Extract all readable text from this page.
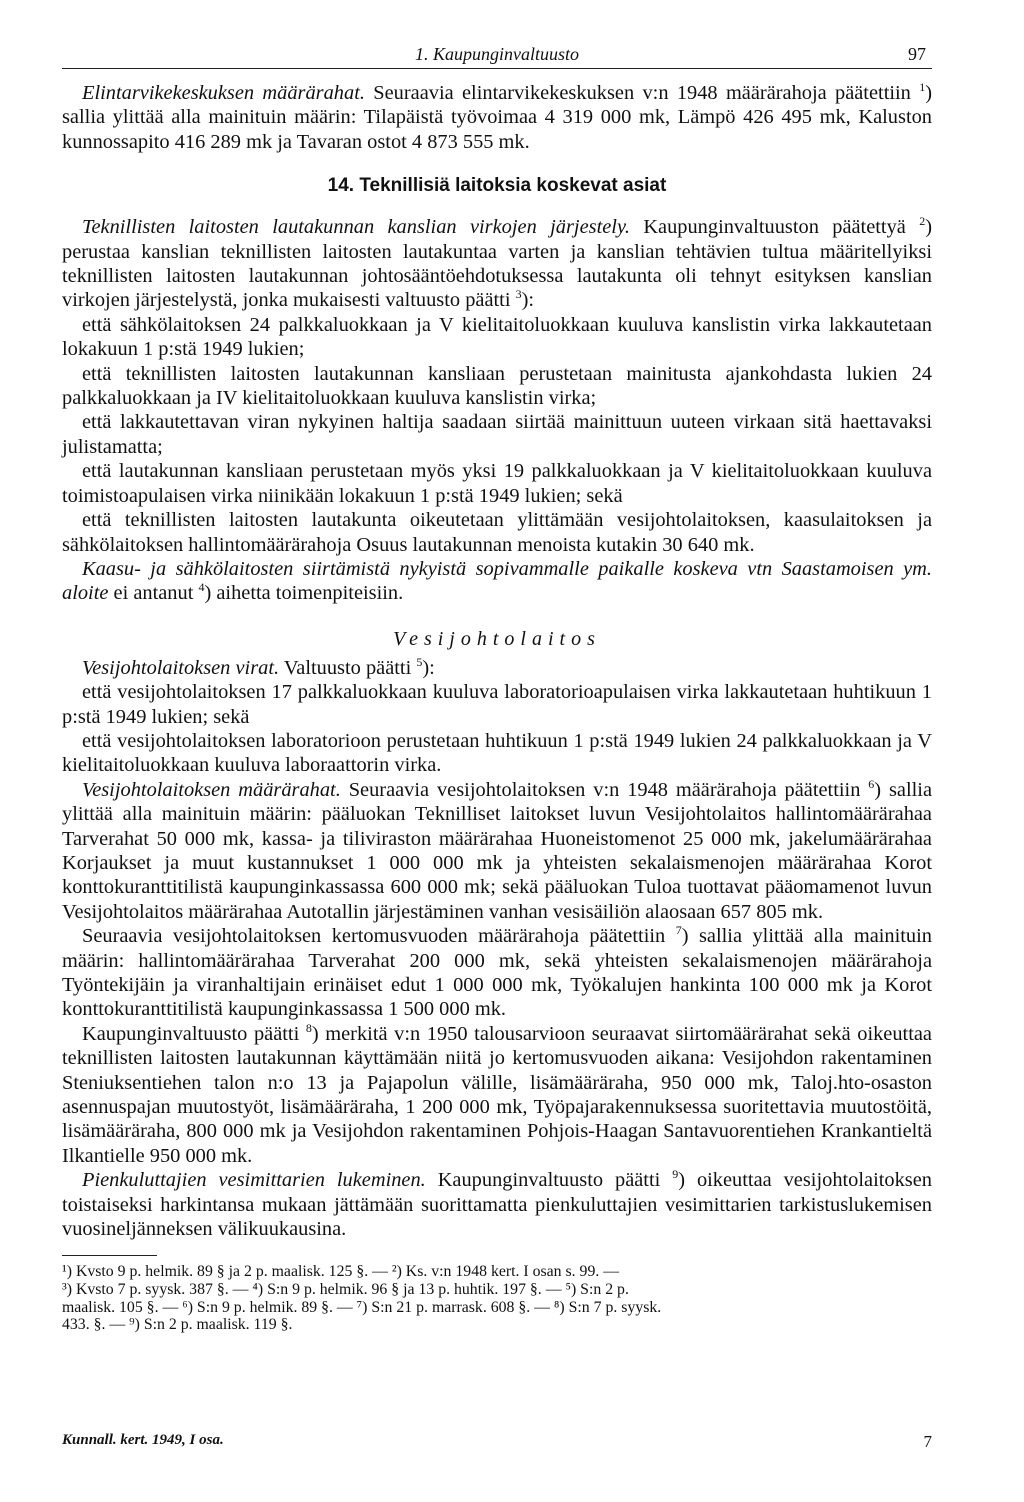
1. Kaupunginvaltuusto	97

Elintarvikekeskuksen määrärahat. Seuraavia elintarvikekeskuksen v:n 1948 määrärahoja päätettiin $^1$) sallia ylittää alla mainituin määrin: Tilapäistä työvoimaa 4 319 000 mk, Lämpö 426 495 mk, Kaluston kunnossapito 416 289 mk ja Tavaran ostot 4 873 555 mk.

14. Teknillisiä laitoksia koskevat asiat

Teknillisten laitosten lautakunnan kanslian virkojen järjestely. Kaupunginvaltuuston päätettyä $^2$) perustaa kanslian teknillisten laitosten lautakuntaa varten ja kanslian tehtävien tultua määritellyiksi teknillisten laitosten lautakunnan johtosääntöehdotuksessa lautakunta oli tehnyt esityksen kanslian virkojen järjestelystä, jonka mukaisesti valtuusto päätti $^3$):

että sähkölaitoksen 24 palkkaluokkaan ja V kielitaitoluokkaan kuuluva kanslistin virka lakkautetaan lokakuun 1 p:stä 1949 lukien;

että teknillisten laitosten lautakunnan kansliaan perustetaan mainitusta ajankohdasta lukien 24 palkkaluokkaan ja IV kielitaitoluokkaan kuuluva kanslistin virka;

että lakkautettavan viran nykyinen haltija saadaan siirtää mainittuun uuteen virkaan sitä haettavaksi julistamatta;

että lautakunnan kansliaan perustetaan myös yksi 19 palkkaluokkaan ja V kielitaitoluokkaan kuuluva toimistoapulaisen virka niinikään lokakuun 1 p:stä 1949 lukien; sekä

että teknillisten laitosten lautakunta oikeutetaan ylittämään vesijohtolaitoksen, kaasulaitoksen ja sähkölaitoksen hallintomäärärahoja Osuus lautakunnan menoista kutakin 30 640 mk.

Kaasu- ja sähkölaitosten siirtämistä nykyistä sopivammalle paikalle koskeva vtn Saastamoisen ym. aloite ei antanut $^4$) aihetta toimenpiteisiin.

Vesijohtolaitos

Vesijohtolaitoksen virat. Valtuusto päätti $^5$):

että vesijohtolaitoksen 17 palkkaluokkaan kuuluva laboratorioapulaisen virka lakkautetaan huhtikuun 1 p:stä 1949 lukien; sekä

että vesijohtolaitoksen laboratorioon perustetaan huhtikuun 1 p:stä 1949 lukien 24 palkkaluokkaan ja V kielitaitoluokkaan kuuluva laboraattorin virka.

Vesijohtolaitoksen määrärahat. Seuraavia vesijohtolaitoksen v:n 1948 määrärahoja päätettiin $^6$) sallia ylittää alla mainituin määrin: pääluokan Teknilliset laitokset luvun Vesijohtolaitos hallintomäärärahaa Tarverahat 50 000 mk, kassa- ja tiliviraston määrärahaa Huoneistomenot 25 000 mk, jakelumäärärahaa Korjaukset ja muut kustannukset 1 000 000 mk ja yhteisten sekalaismenojen määrärahaa Korot konttokuranttitilistä kaupunginkassassa 600 000 mk; sekä pääluokan Tuloa tuottavat pääomamenot luvun Vesijohtolaitos määrärahaa Autotallin järjestäminen vanhan vesisäiliön alaosaan 657 805 mk.

Seuraavia vesijohtolaitoksen kertomusvuoden määrärahoja päätettiin $^7$) sallia ylittää alla mainituin määrin: hallintomäärärahaa Tarverahat 200 000 mk, sekä yhteisten sekalaismenojen määrärahoja Työntekijäin ja viranhaltijain erinäiset edut 1 000 000 mk, Työkalujen hankinta 100 000 mk ja Korot konttokuranttitilistä kaupunginkassassa 1 500 000 mk.

Kaupunginvaltuusto päätti $^8$) merkitä v:n 1950 talousarvioon seuraavat siirtomäärärahat sekä oikeuttaa teknillisten laitosten lautakunnan käyttämään niitä jo kertomusvuoden aikana: Vesijohdon rakentaminen Steniuksentiehen talon n:o 13 ja Pajapolun välille, lisämääräraha, 950 000 mk, Taloj.hto-osaston asennuspajan muutostyöt, lisämääräraha, 1 200 000 mk, Työpajarakennuksessa suoritettavia muutostöitä, lisämääräraha, 800 000 mk ja Vesijohdon rakentaminen Pohjois-Haagan Santavuorentiehen Krankantieltä Ilkantielle 950 000 mk.

Pienkuluttajien vesimittarien lukeminen. Kaupunginvaltuusto päätti $^9$) oikeuttaa vesijohtolaitoksen toistaiseksi harkintansa mukaan jättämään suorittamatta pienkuluttajien vesimittarien tarkistuslukemisen vuosineljänneksen välikuukausina.

¹) Kvsto 9 p. helmik. 89 § ja 2 p. maalisk. 125 §. — ²) Ks. v:n 1948 kert. I osan s. 99. —

³) Kvsto 7 p. syysk. 387 §. — ⁴) S:n 9 p. helmik. 96 § ja 13 p. huhtik. 197 §. — ⁵) S:n 2 p.

maalisk. 105 §. — ⁶) S:n 9 p. helmik. 89 §. — ⁷) S:n 21 p. marrask. 608 §. — ⁸) S:n 7 p. syysk.

433. §. — ⁹) S:n 2 p. maalisk. 119 §.

Kunnall. kert. 1949, I osa.	7
